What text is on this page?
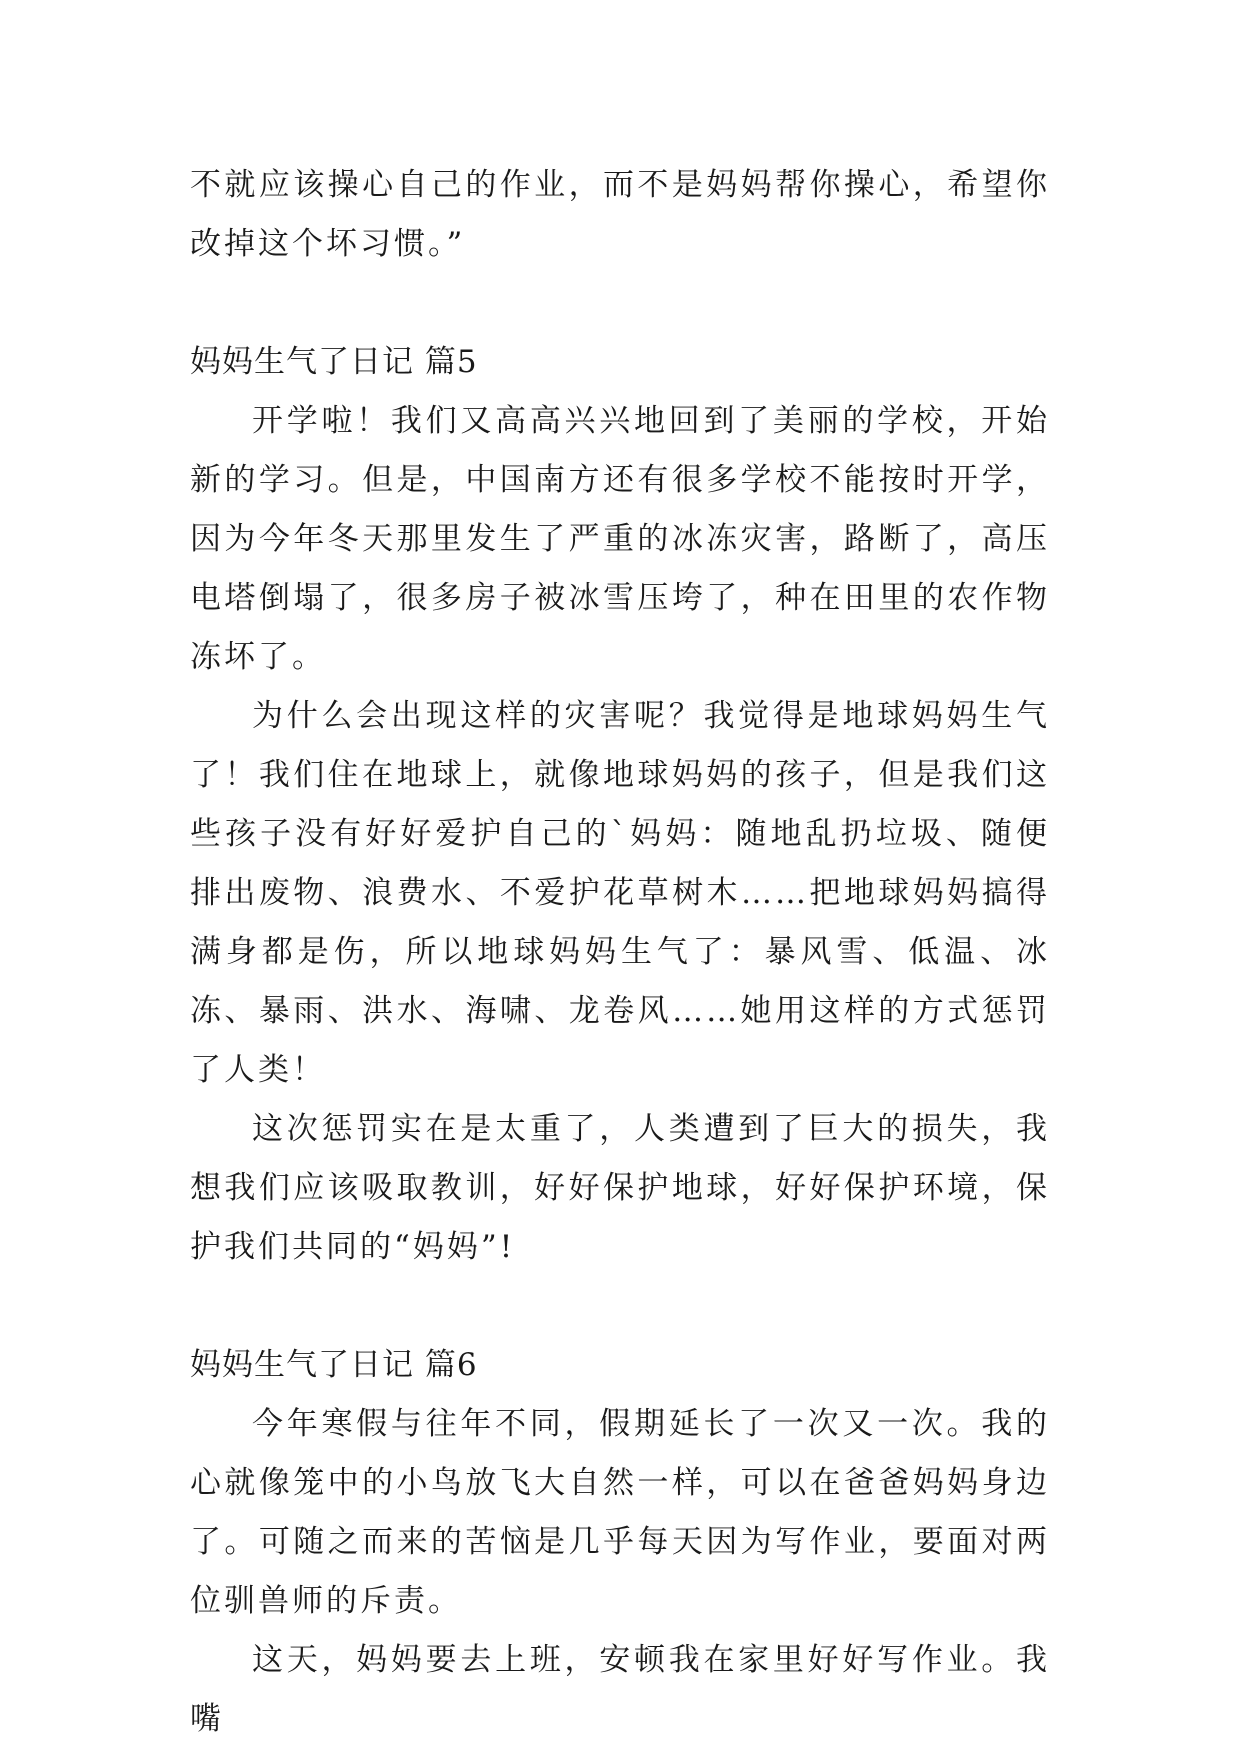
不就应该操心自己的作业，而不是妈妈帮你操心，希望你改掉这个坏习惯。”

妈妈生气了日记 篇5

开学啦！我们又高高兴兴地回到了美丽的学校，开始新的学习。但是，中国南方还有很多学校不能按时开学，因为今年冬天那里发生了严重的冰冻灾害，路断了，高压电塔倒塌了，很多房子被冰雪压垮了，种在田里的农作物冻坏了。

为什么会出现这样的灾害呢？我觉得是地球妈妈生气了！我们住在地球上，就像地球妈妈的孩子，但是我们这些孩子没有好好爱护自己的`妈妈：随地乱扔垃圾、随便排出废物、浪费水、不爱护花草树木……把地球妈妈搞得满身都是伤，所以地球妈妈生气了：暴风雪、低温、冰冻、暴雨、洪水、海啸、龙卷风……她用这样的方式惩罚了人类！

这次惩罚实在是太重了，人类遭到了巨大的损失，我想我们应该吸取教训，好好保护地球，好好保护环境，保护我们共同的“妈妈”!

妈妈生气了日记 篇6

今年寒假与往年不同，假期延长了一次又一次。我的心就像笼中的小鸟放飞大自然一样，可以在爸爸妈妈身边了。可随之而来的苦恼是几乎每天因为写作业，要面对两位驯兽师的斥责。

这天，妈妈要去上班，安顿我在家里好好写作业。我嘴
